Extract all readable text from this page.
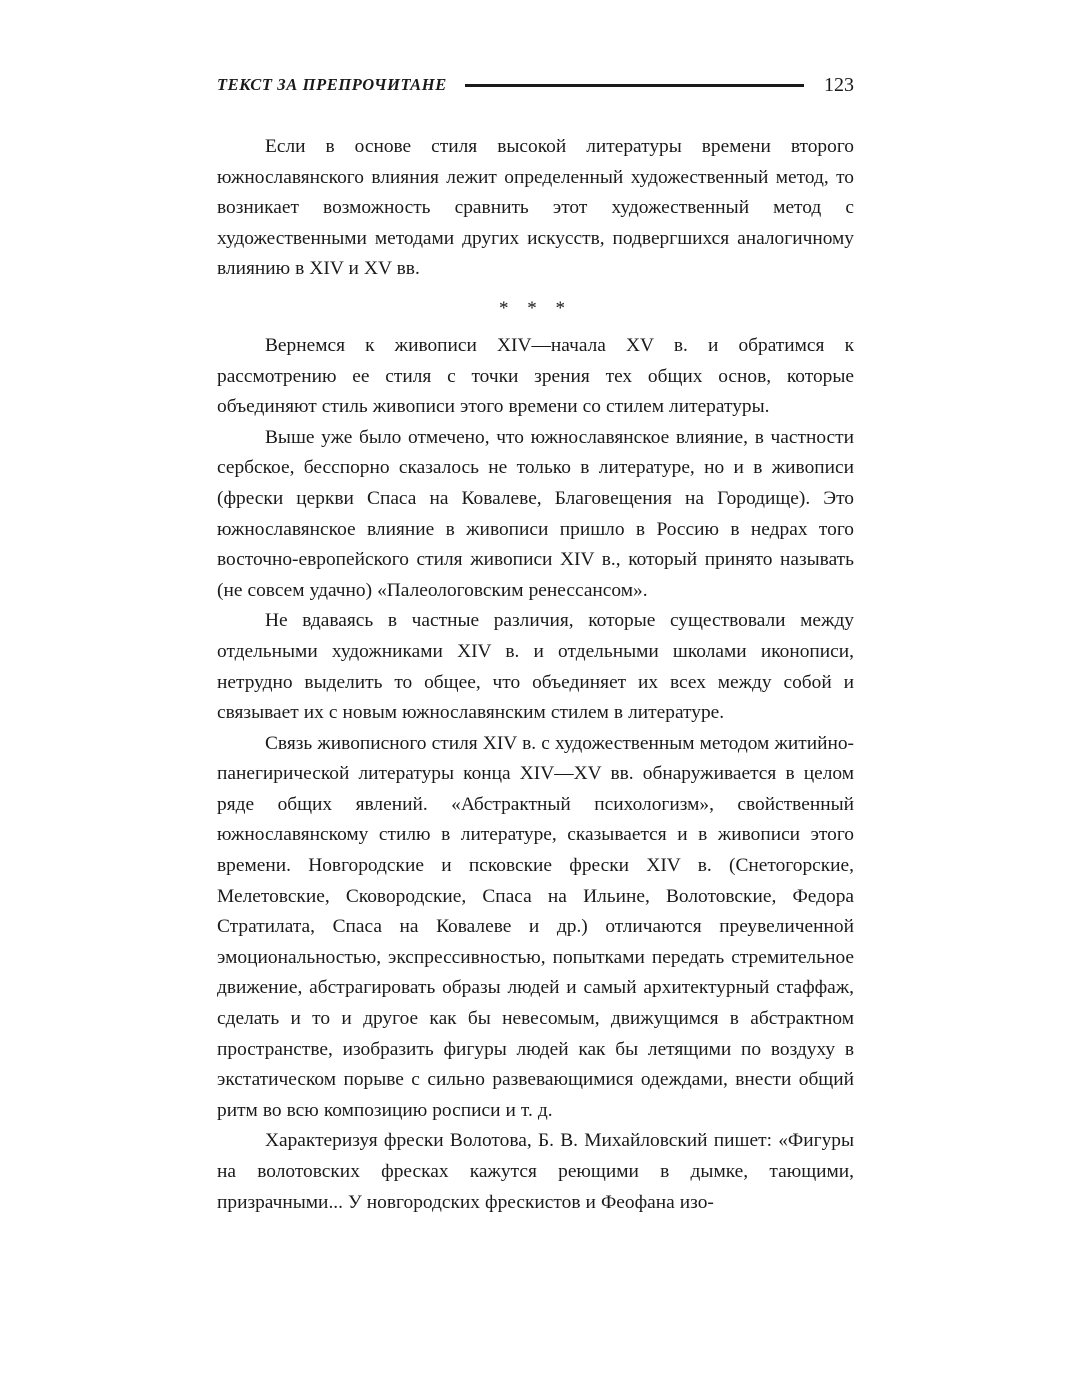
ТЕКСТ ЗА ПРЕПРОЧИТАНЕ	123

Если в основе стиля высокой литературы времени второго южнославянского влияния лежит определенный художественный метод, то возникает возможность сравнить этот художественный метод с художественными методами других искусств, подвергшихся аналогичному влиянию в XIV и XV вв.

* * *

Вернемся к живописи XIV—начала XV в. и обратимся к рассмотрению ее стиля с точки зрения тех общих основ, которые объединяют стиль живописи этого времени со стилем литературы.

Выше уже было отмечено, что южнославянское влияние, в частности сербское, бесспорно сказалось не только в литературе, но и в живописи (фрески церкви Спаса на Ковалеве, Благовещения на Городище). Это южнославянское влияние в живописи пришло в Россию в недрах того восточно-европейского стиля живописи XIV в., который принято называть (не совсем удачно) «Палеологовским ренессансом».

Не вдаваясь в частные различия, которые существовали между отдельными художниками XIV в. и отдельными школами иконописи, нетрудно выделить то общее, что объединяет их всех между собой и связывает их с новым южнославянским стилем в литературе.

Связь живописного стиля XIV в. с художественным методом житийно-панегирической литературы конца XIV—XV вв. обнаруживается в целом ряде общих явлений. «Абстрактный психологизм», свойственный южнославянскому стилю в литературе, сказывается и в живописи этого времени. Новгородские и псковские фрески XIV в. (Снетогорские, Мелетовские, Сковородские, Спаса на Ильине, Волотовские, Федора Стратилата, Спаса на Ковалеве и др.) отличаются преувеличенной эмоциональностью, экспрессивностью, попытками передать стремительное движение, абстрагировать образы людей и самый архитектурный стаффаж, сделать и то и другое как бы невесомым, движущимся в абстрактном пространстве, изобразить фигуры людей как бы летящими по воздуху в экстатическом порыве с сильно развевающимися одеждами, внести общий ритм во всю композицию росписи и т. д.

Характеризуя фрески Волотова, Б. В. Михайловский пишет: «Фигуры на волотовских фресках кажутся реющими в дымке, тающими, призрачными... У новгородских фрескистов и Феофана изо-
